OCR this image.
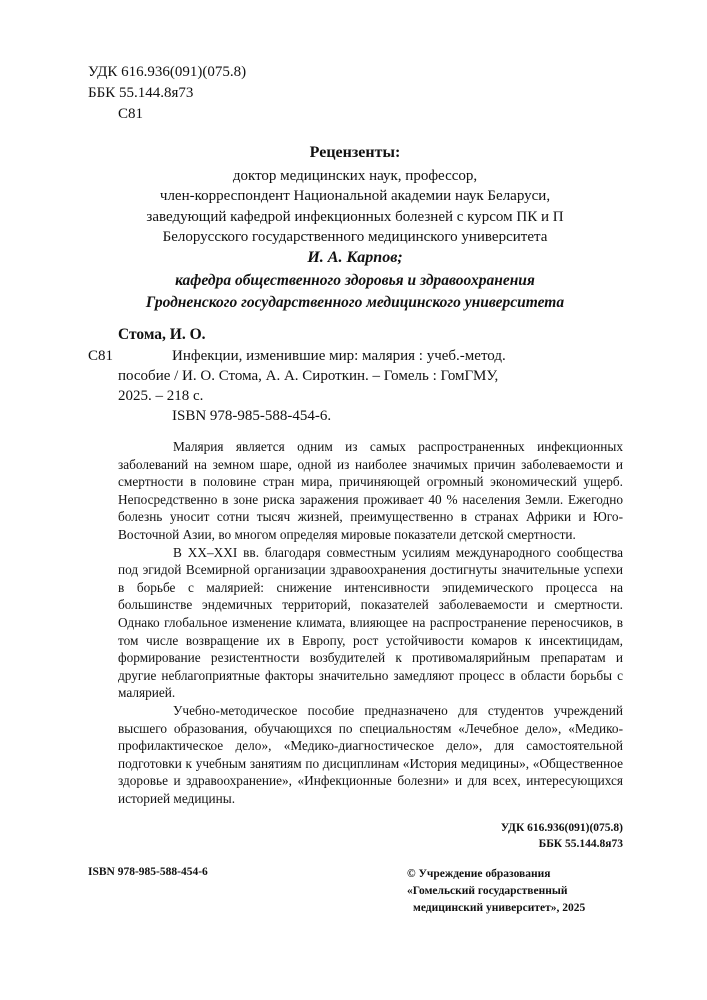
УДК 616.936(091)(075.8)
ББК 55.144.8я73
С81
Рецензенты:
доктор медицинских наук, профессор,
член-корреспондент Национальной академии наук Беларуси,
заведующий кафедрой инфекционных болезней с курсом ПК и П
Белорусского государственного медицинского университета
И. А. Карпов;
кафедра общественного здоровья и здравоохранения
Гродненского государственного медицинского университета
Стома, И. О.
С81	Инфекции, изменившие мир: малярия : учеб.-метод.
пособие / И. О. Стома, А. А. Сироткин. – Гомель : ГомГМУ,
2025. – 218 с.
ISBN 978-985-588-454-6.

Малярия является одним из самых распространенных инфекционных заболеваний на земном шаре, одной из наиболее значимых причин заболеваемости и смертности в половине стран мира, причиняющей огромный экономический ущерб. Непосредственно в зоне риска заражения проживает 40 % населения Земли. Ежегодно болезнь уносит сотни тысяч жизней, преимущественно в странах Африки и Юго-Восточной Азии, во многом определяя мировые показатели детской смертности.

В XX–XXI вв. благодаря совместным усилиям международного сообщества под эгидой Всемирной организации здравоохранения достигнуты значительные успехи в борьбе с малярией: снижение интенсивности эпидемического процесса на большинстве эндемичных территорий, показателей заболеваемости и смертности. Однако глобальное изменение климата, влияющее на распространение переносчиков, в том числе возвращение их в Европу, рост устойчивости комаров к инсектицидам, формирование резистентности возбудителей к противомалярийным препаратам и другие неблагоприятные факторы значительно замедляют процесс в области борьбы с малярией.

Учебно-методическое пособие предназначено для студентов учреждений высшего образования, обучающихся по специальностям «Лечебное дело», «Медико-профилактическое дело», «Медико-диагностическое дело», для самостоятельной подготовки к учебным занятиям по дисциплинам «История медицины», «Общественное здоровье и здравоохранение», «Инфекционные болезни» и для всех, интересующихся историей медицины.

УДК 616.936(091)(075.8)
ББК 55.144.8я73
ISBN 978-985-588-454-6	© Учреждение образования
«Гомельский государственный
медицинский университет», 2025
